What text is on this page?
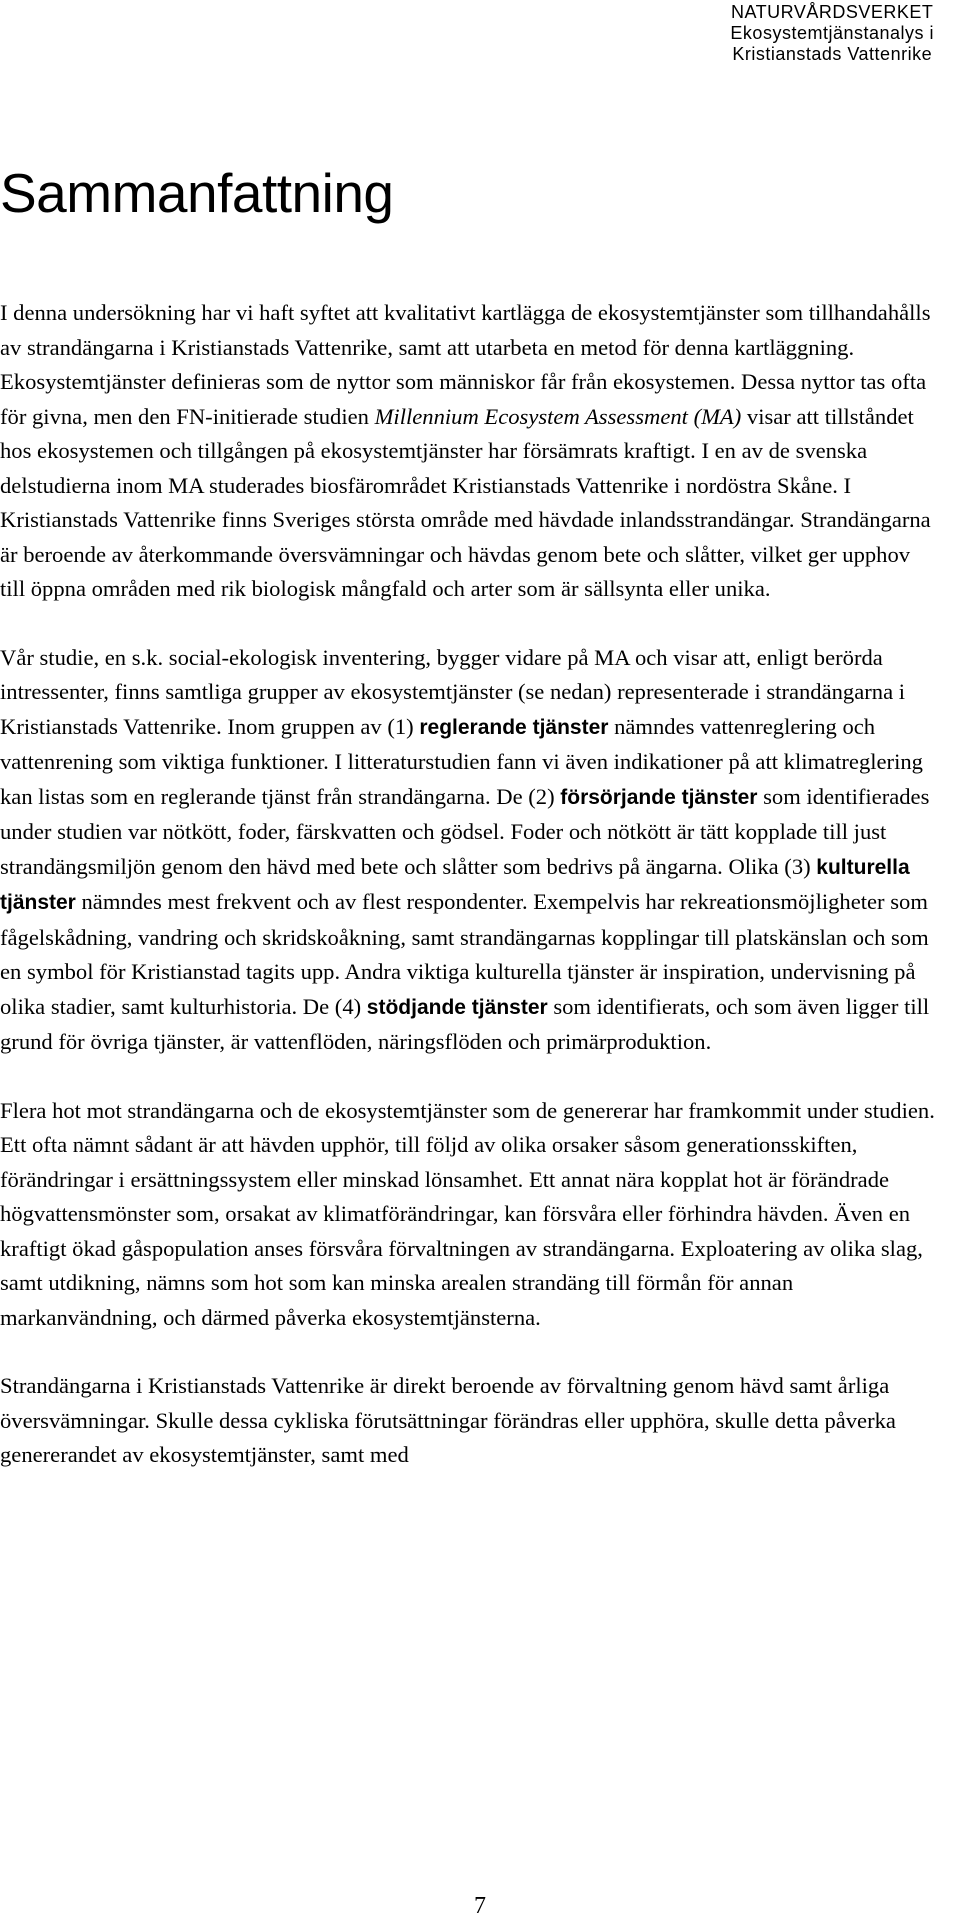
NATURVÅRDSVERKET
Ekosystemtjänstanalys i
Kristianstads Vattenrike
Sammanfattning

I denna undersökning har vi haft syftet att kvalitativt kartlägga de ekosystemtjänster som tillhandahålls av strandängarna i Kristianstads Vattenrike, samt att utarbeta en metod för denna kartläggning. Ekosystemtjänster definieras som de nyttor som människor får från ekosystemen. Dessa nyttor tas ofta för givna, men den FN-initierade studien Millennium Ecosystem Assessment (MA) visar att tillståndet hos ekosystemen och tillgången på ekosystemtjänster har försämrats kraftigt. I en av de svenska delstudierna inom MA studerades biosfärområdet Kristianstads Vattenrike i nordöstra Skåne. I Kristianstads Vattenrike finns Sveriges största område med hävdade inlandsstrandängar. Strandängarna är beroende av återkommande översvämningar och hävdas genom bete och slåtter, vilket ger upphov till öppna områden med rik biologisk mångfald och arter som är sällsynta eller unika.

Vår studie, en s.k. social-ekologisk inventering, bygger vidare på MA och visar att, enligt berörda intressenter, finns samtliga grupper av ekosystemtjänster (se nedan) representerade i strandängarna i Kristianstads Vattenrike. Inom gruppen av (1) reglerande tjänster nämndes vattenreglering och vattenrening som viktiga funktioner. I litteraturstudien fann vi även indikationer på att klimatreglering kan listas som en reglerande tjänst från strandängarna. De (2) försörjande tjänster som identifierades under studien var nötkött, foder, färskvatten och gödsel. Foder och nötkött är tätt kopplade till just strandängsmiljön genom den hävd med bete och slåtter som bedrivs på ängarna. Olika (3) kulturella tjänster nämndes mest frekvent och av flest respondenter. Exempelvis har rekreationsmöjligheter som fågelskådning, vandring och skridskoåkning, samt strandängarnas kopplingar till platskänslan och som en symbol för Kristianstad tagits upp. Andra viktiga kulturella tjänster är inspiration, undervisning på olika stadier, samt kulturhistoria. De (4) stödjande tjänster som identifierats, och som även ligger till grund för övriga tjänster, är vattenflöden, näringsflöden och primärproduktion.

Flera hot mot strandängarna och de ekosystemtjänster som de genererar har framkommit under studien. Ett ofta nämnt sådant är att hävden upphör, till följd av olika orsaker såsom generationsskiften, förändringar i ersättningssystem eller minskad lönsamhet. Ett annat nära kopplat hot är förändrade högvattensmönster som, orsakat av klimatförändringar, kan försvåra eller förhindra hävden. Även en kraftigt ökad gåspopulation anses försvåra förvaltningen av strandängarna. Exploatering av olika slag, samt utdikning, nämns som hot som kan minska arealen strandäng till förmån för annan markanvändning, och därmed påverka ekosystemtjänsterna.

Strandängarna i Kristianstads Vattenrike är direkt beroende av förvaltning genom hävd samt årliga översvämningar. Skulle dessa cykliska förutsättningar förändras eller upphöra, skulle detta påverka genererandet av ekosystemtjänster, samt med

7
